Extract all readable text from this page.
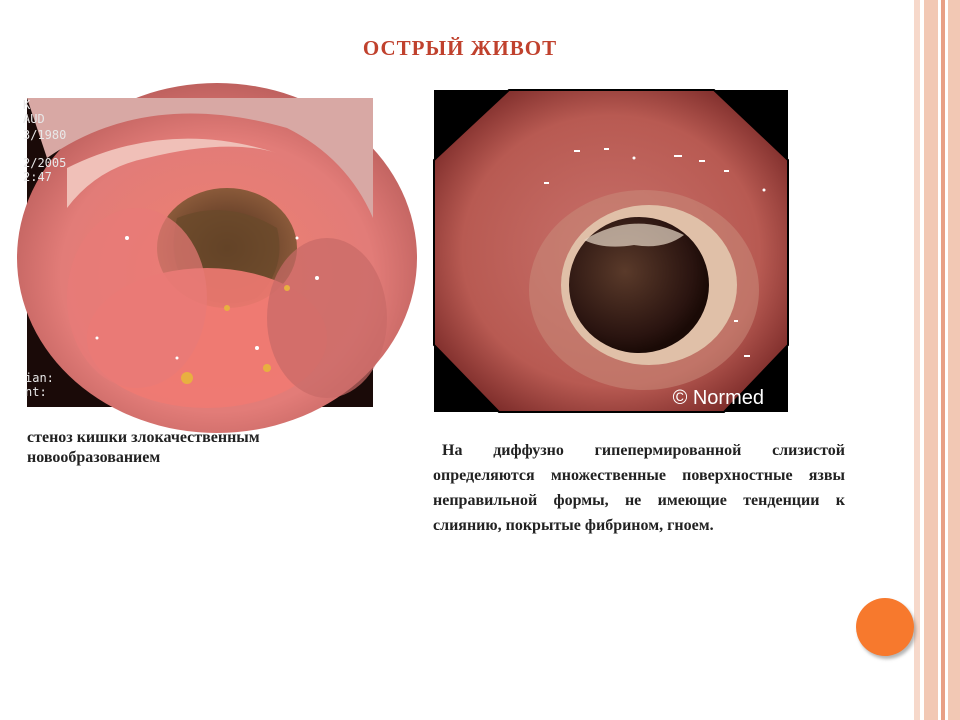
ОСТРЫЙ ЖИВОТ
K
AUD
3/1980
2/2005
2:47
ian:
nt:	© Normed
стеноз кишки злокачественным новообразованием	На диффузно гипепермированной слизистой определяются множественные поверхностные язвы неправильной формы, не имеющие тенденции к слиянию, покрытые фибрином, гноем.
